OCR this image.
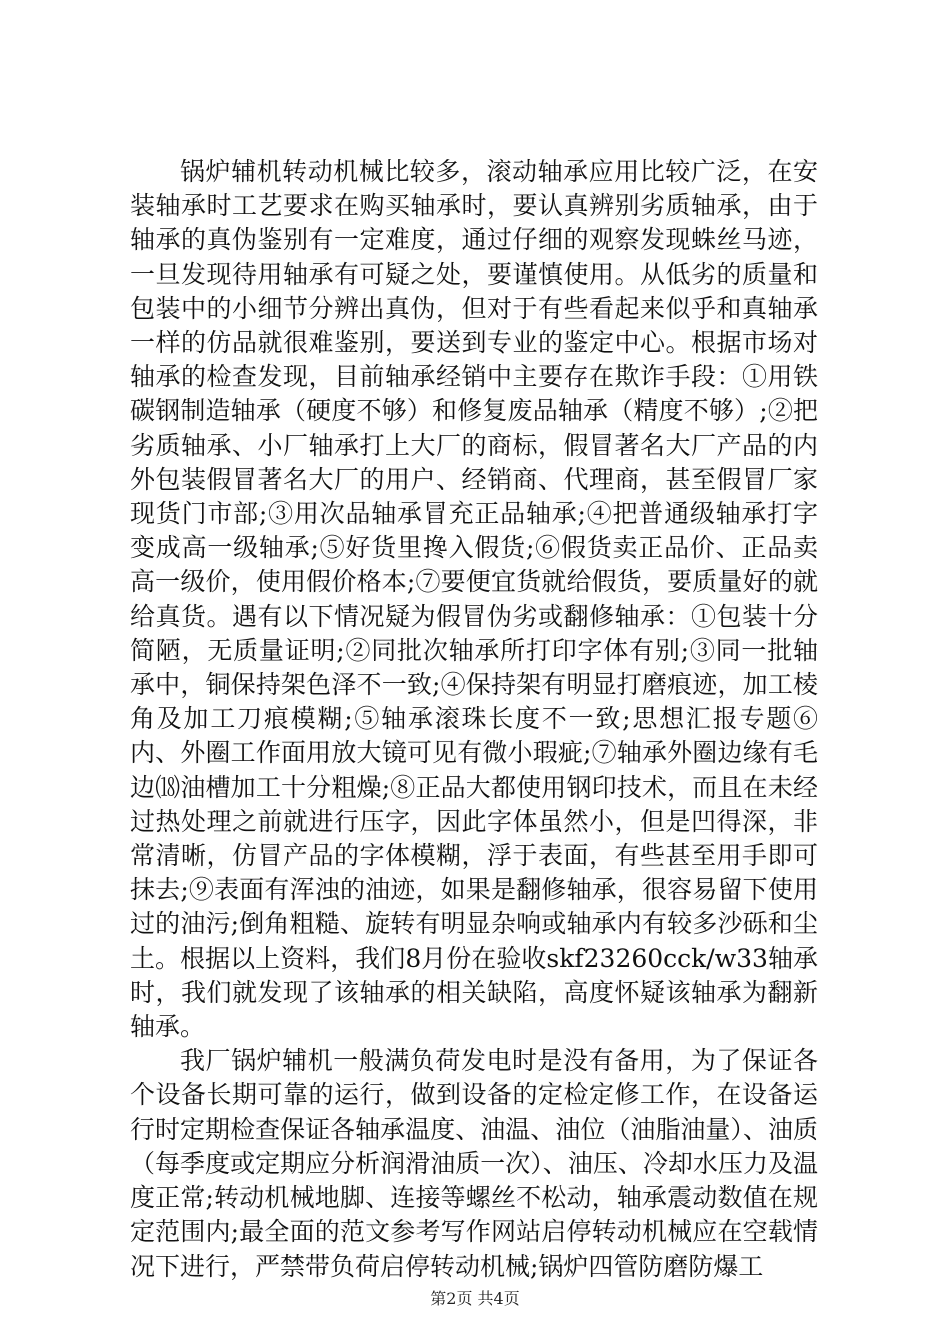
锅炉辅机转动机械比较多，滚动轴承应用比较广泛，在安装轴承时工艺要求在购买轴承时，要认真辨别劣质轴承，由于轴承的真伪鉴别有一定难度，通过仔细的观察发现蛛丝马迹，一旦发现待用轴承有可疑之处，要谨慎使用。从低劣的质量和包装中的小细节分辨出真伪，但对于有些看起来似乎和真轴承一样的仿品就很难鉴别，要送到专业的鉴定中心。根据市场对轴承的检查发现，目前轴承经销中主要存在欺诈手段：①用铁碳钢制造轴承（硬度不够）和修复废品轴承（精度不够）;②把劣质轴承、小厂轴承打上大厂的商标，假冒著名大厂产品的内外包装假冒著名大厂的用户、经销商、代理商，甚至假冒厂家现货门市部;③用次品轴承冒充正品轴承;④把普通级轴承打字变成高一级轴承;⑤好货里搀入假货;⑥假货卖正品价、正品卖高一级价，使用假价格本;⑦要便宜货就给假货，要质量好的就给真货。遇有以下情况疑为假冒伪劣或翻修轴承：①包装十分简陋，无质量证明;②同批次轴承所打印字体有别;③同一批轴承中，铜保持架色泽不一致;④保持架有明显打磨痕迹，加工棱角及加工刀痕模糊;⑤轴承滚珠长度不一致;思想汇报专题⑥内、外圈工作面用放大镜可见有微小瑕疵;⑦轴承外圈边缘有毛边⒅油槽加工十分粗燥;⑧正品大都使用钢印技术，而且在未经过热处理之前就进行压字，因此字体虽然小，但是凹得深，非常清晰，仿冒产品的字体模糊，浮于表面，有些甚至用手即可抹去;⑨表面有浑浊的油迹，如果是翻修轴承，很容易留下使用过的油污;倒角粗糙、旋转有明显杂响或轴承内有较多沙砾和尘土。根据以上资料，我们8月份在验收skf23260cck/w33轴承时，我们就发现了该轴承的相关缺陷，高度怀疑该轴承为翻新轴承。

我厂锅炉辅机一般满负荷发电时是没有备用，为了保证各个设备长期可靠的运行，做到设备的定检定修工作，在设备运行时定期检查保证各轴承温度、油温、油位（油脂油量）、油质（每季度或定期应分析润滑油质一次）、油压、冷却水压力及温度正常;转动机械地脚、连接等螺丝不松动，轴承震动数值在规定范围内;最全面的范文参考写作网站启停转动机械应在空载情况下进行，严禁带负荷启停转动机械;锅炉四管防磨防爆工

第2页 共4页
